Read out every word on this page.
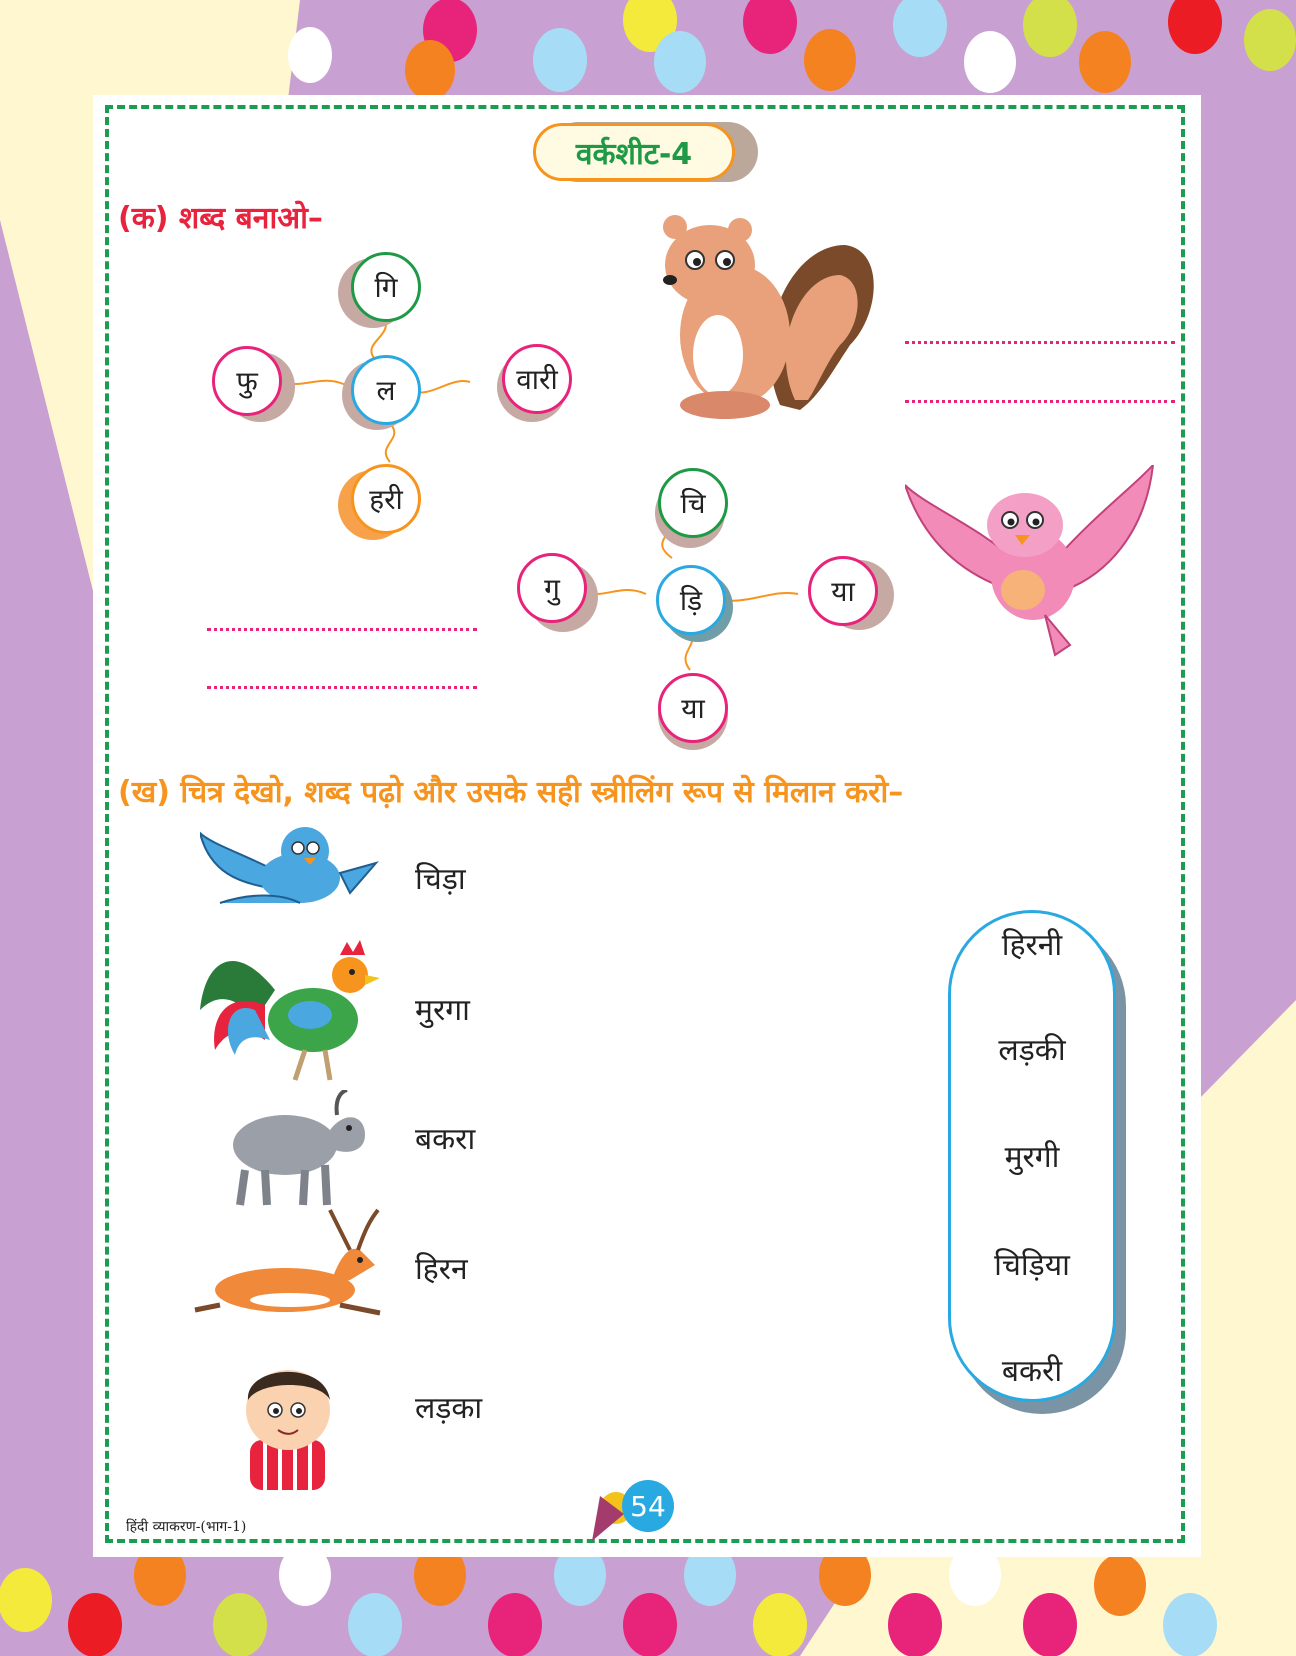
वर्कशीट-4
(क) शब्द बनाओ–
गि
फु	ल	वारी
हरी	चि
गु	ड़ि	या
या
(ख) चित्र देखो, शब्द पढ़ो और उसके सही स्त्रीलिंग रूप से मिलान करो–
चिड़ा
मुरगा
बकरा
हिरन
लड़का
हिरनी
लड़की
मुरगी
चिड़िया
बकरी
हिंदी व्याकरण-(भाग-1)
54
